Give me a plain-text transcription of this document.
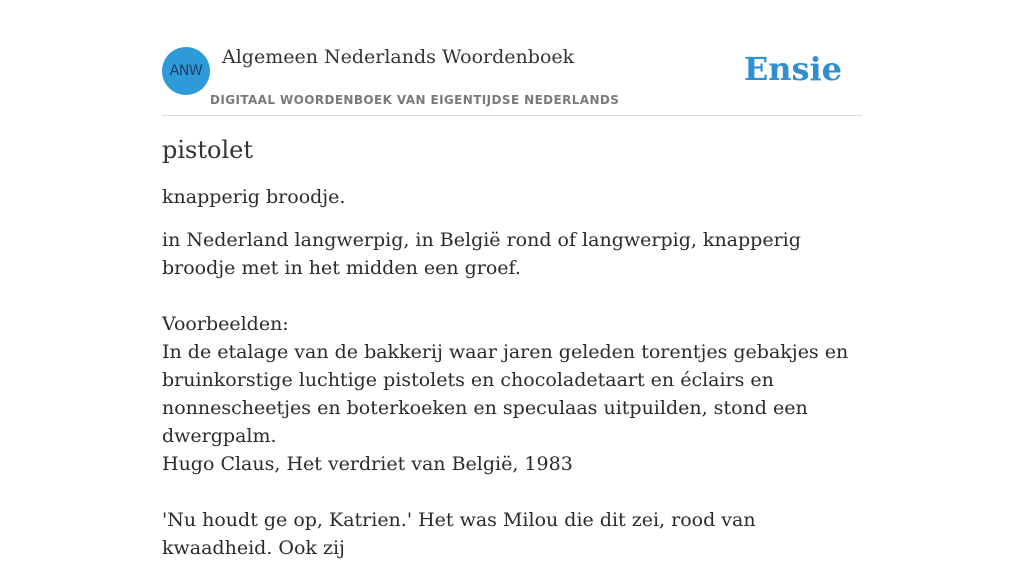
ANW
Algemeen Nederlands Woordenboek
DIGITAAL WOORDENBOEK VAN EIGENTIJDSE NEDERLANDS
Ensie
pistolet

knapperig broodje.

in Nederland langwerpig, in België rond of langwerpig, knapperig broodje met in het midden een groef.

Voorbeelden:

In de etalage van de bakkerij waar jaren geleden torentjes gebakjes en bruinkorstige luchtige pistolets en chocoladetaart en éclairs en nonnescheetjes en boterkoeken en speculaas uitpuilden, stond een dwergpalm.

Hugo Claus, Het verdriet van België, 1983

'Nu houdt ge op, Katrien.' Het was Milou die dit zei, rood van kwaadheid. Ook zij
